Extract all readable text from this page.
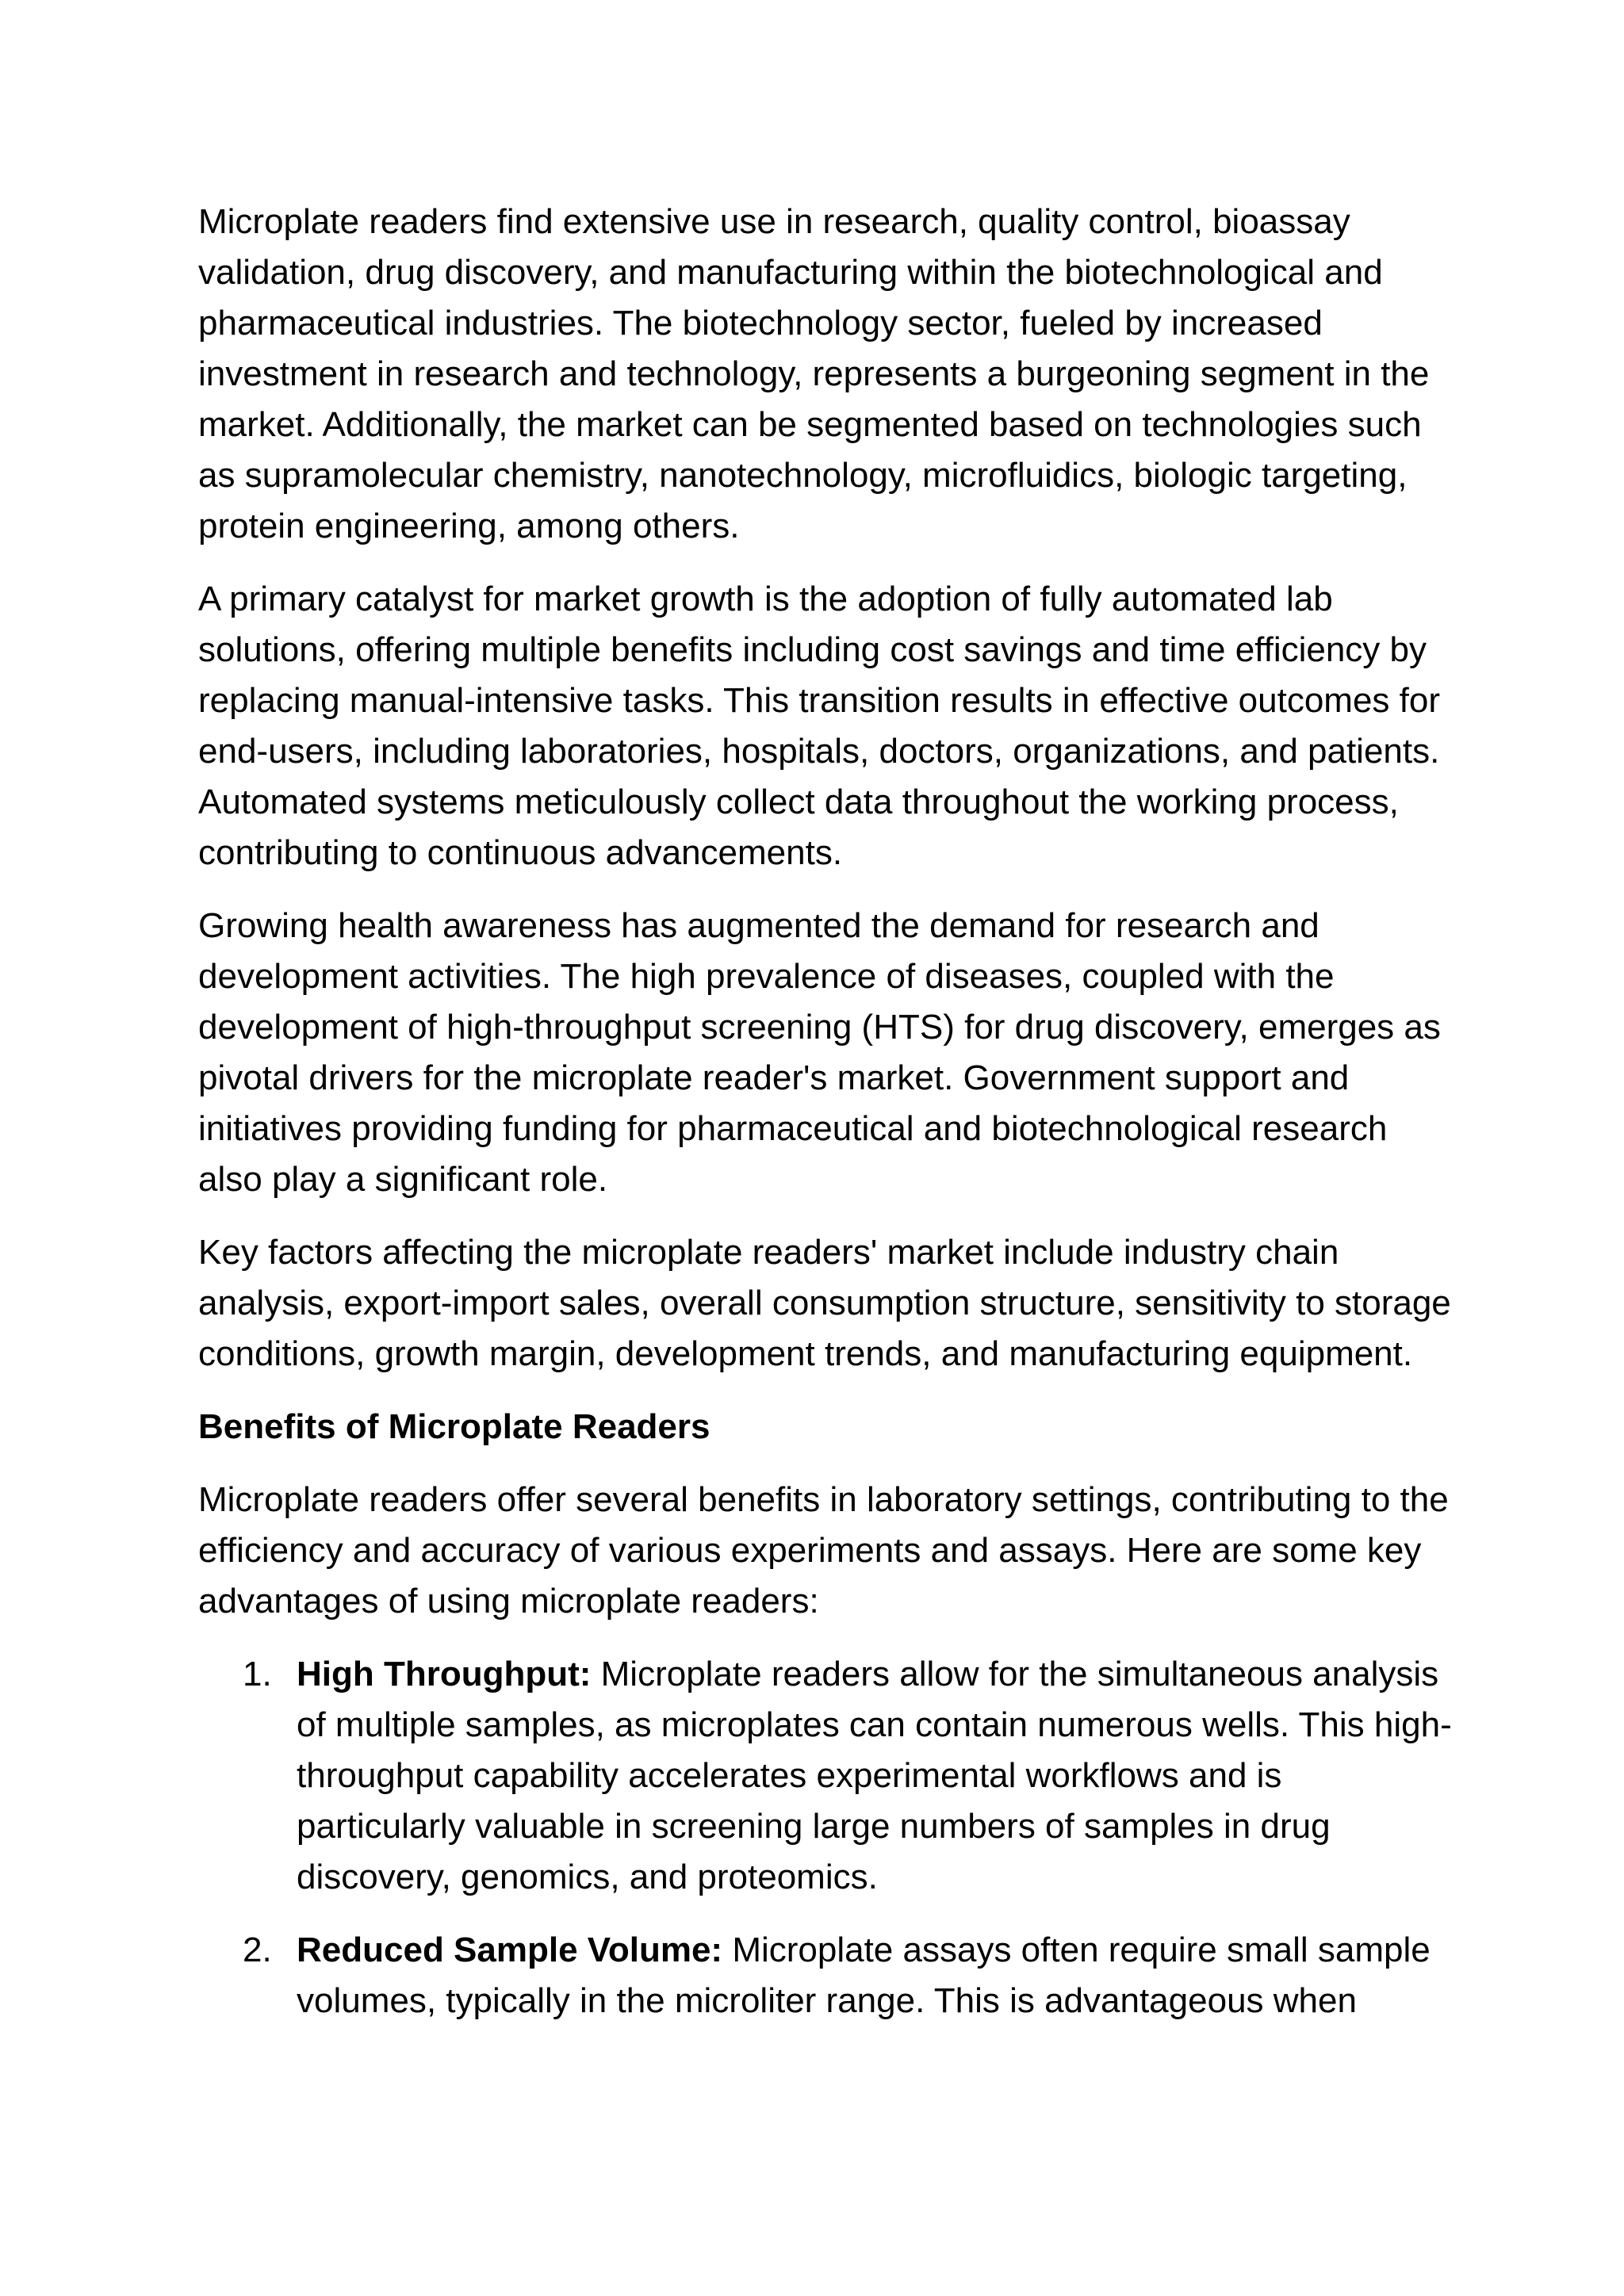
Microplate readers find extensive use in research, quality control, bioassay validation, drug discovery, and manufacturing within the biotechnological and pharmaceutical industries. The biotechnology sector, fueled by increased investment in research and technology, represents a burgeoning segment in the market. Additionally, the market can be segmented based on technologies such as supramolecular chemistry, nanotechnology, microfluidics, biologic targeting, protein engineering, among others.

A primary catalyst for market growth is the adoption of fully automated lab solutions, offering multiple benefits including cost savings and time efficiency by replacing manual-intensive tasks. This transition results in effective outcomes for end-users, including laboratories, hospitals, doctors, organizations, and patients. Automated systems meticulously collect data throughout the working process, contributing to continuous advancements.

Growing health awareness has augmented the demand for research and development activities. The high prevalence of diseases, coupled with the development of high-throughput screening (HTS) for drug discovery, emerges as pivotal drivers for the microplate reader's market. Government support and initiatives providing funding for pharmaceutical and biotechnological research also play a significant role.

Key factors affecting the microplate readers' market include industry chain analysis, export-import sales, overall consumption structure, sensitivity to storage conditions, growth margin, development trends, and manufacturing equipment.

Benefits of Microplate Readers

Microplate readers offer several benefits in laboratory settings, contributing to the efficiency and accuracy of various experiments and assays. Here are some key advantages of using microplate readers:

1. High Throughput: Microplate readers allow for the simultaneous analysis of multiple samples, as microplates can contain numerous wells. This high-throughput capability accelerates experimental workflows and is particularly valuable in screening large numbers of samples in drug discovery, genomics, and proteomics.
2. Reduced Sample Volume: Microplate assays often require small sample volumes, typically in the microliter range. This is advantageous when
